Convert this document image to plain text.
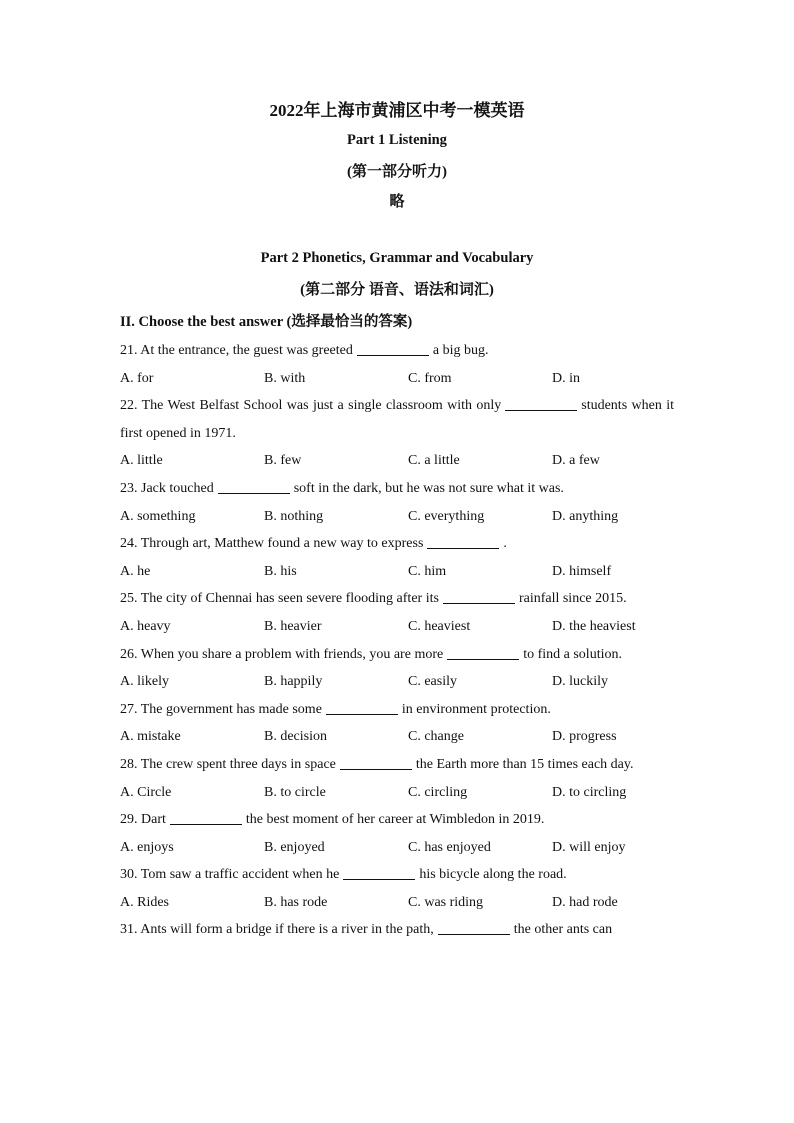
2022年上海市黄浦区中考一模英语
Part 1 Listening
(第一部分听力)
略
Part 2 Phonetics, Grammar and Vocabulary
(第二部分 语音、语法和词汇)
II. Choose the best answer (选择最恰当的答案)
21. At the entrance, the guest was greeted	a big bug.
A. for	B. with	C. from	D. in
22. The West Belfast School was just a single classroom with only	students when it first opened in 1971.
A. little	B. few	C. a little	D. a few
23. Jack touched	soft in the dark, but he was not sure what it was.
A. something	B. nothing	C. everything	D. anything
24. Through art, Matthew found a new way to express	.
A. he	B. his	C. him	D. himself
25. The city of Chennai has seen severe flooding after its	rainfall since 2015.
A. heavy	B. heavier	C. heaviest	D. the heaviest
26. When you share a problem with friends, you are more	to find a solution.
A. likely	B. happily	C. easily	D. luckily
27. The government has made some	in environment protection.
A. mistake	B. decision	C. change	D. progress
28. The crew spent three days in space	the Earth more than 15 times each day.
A. Circle	B. to circle	C. circling	D. to circling
29. Dart	the best moment of her career at Wimbledon in 2019.
A. enjoys	B. enjoyed	C. has enjoyed	D. will enjoy
30. Tom saw a traffic accident when he	his bicycle along the road.
A. Rides	B. has rode	C. was riding	D. had rode
31. Ants will form a bridge if there is a river in the path,	the other ants can
